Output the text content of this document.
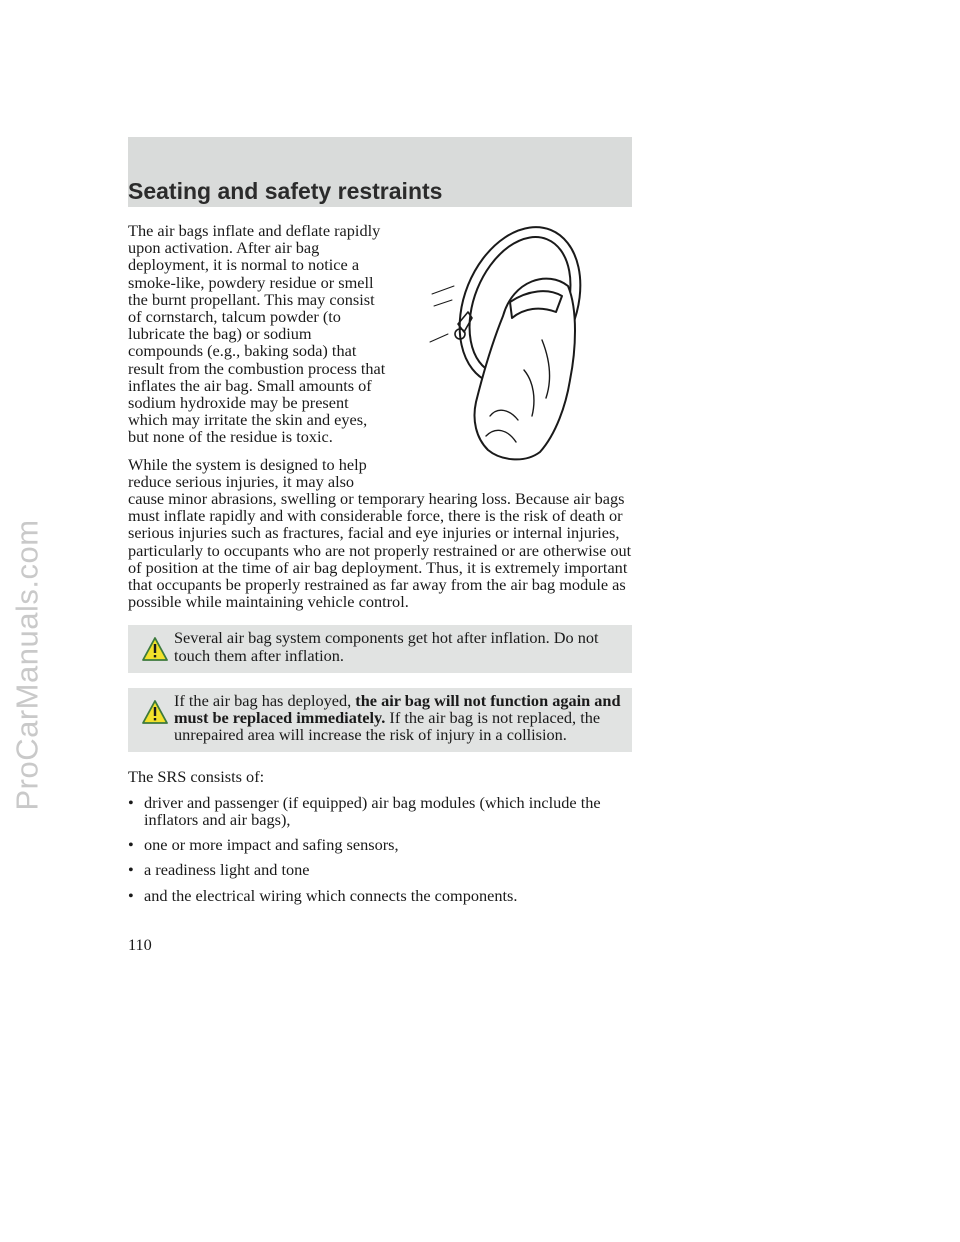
ProCarManuals.com
Seating and safety restraints

The air bags inflate and deflate rapidly upon activation. After air bag deployment, it is normal to notice a smoke-like, powdery residue or smell the burnt propellant. This may consist of cornstarch, talcum powder (to lubricate the bag) or sodium compounds (e.g., baking soda) that result from the combustion process that inflates the air bag. Small amounts of sodium hydroxide may be present which may irritate the skin and eyes, but none of the residue is toxic.

While the system is designed to help reduce serious injuries, it may also
cause minor abrasions, swelling or temporary hearing loss. Because air bags must inflate rapidly and with considerable force, there is the risk of death or serious injuries such as fractures, facial and eye injuries or internal injuries, particularly to occupants who are not properly restrained or are otherwise out of position at the time of air bag deployment. Thus, it is extremely important that occupants be properly restrained as far away from the air bag module as possible while maintaining vehicle control.

Several air bag system components get hot after inflation. Do not touch them after inflation.

If the air bag has deployed, the air bag will not function again and must be replaced immediately. If the air bag is not replaced, the unrepaired area will increase the risk of injury in a collision.

The SRS consists of:

• driver and passenger (if equipped) air bag modules (which include the inflators and air bags),
• one or more impact and safing sensors,
• a readiness light and tone
• and the electrical wiring which connects the components.
110
